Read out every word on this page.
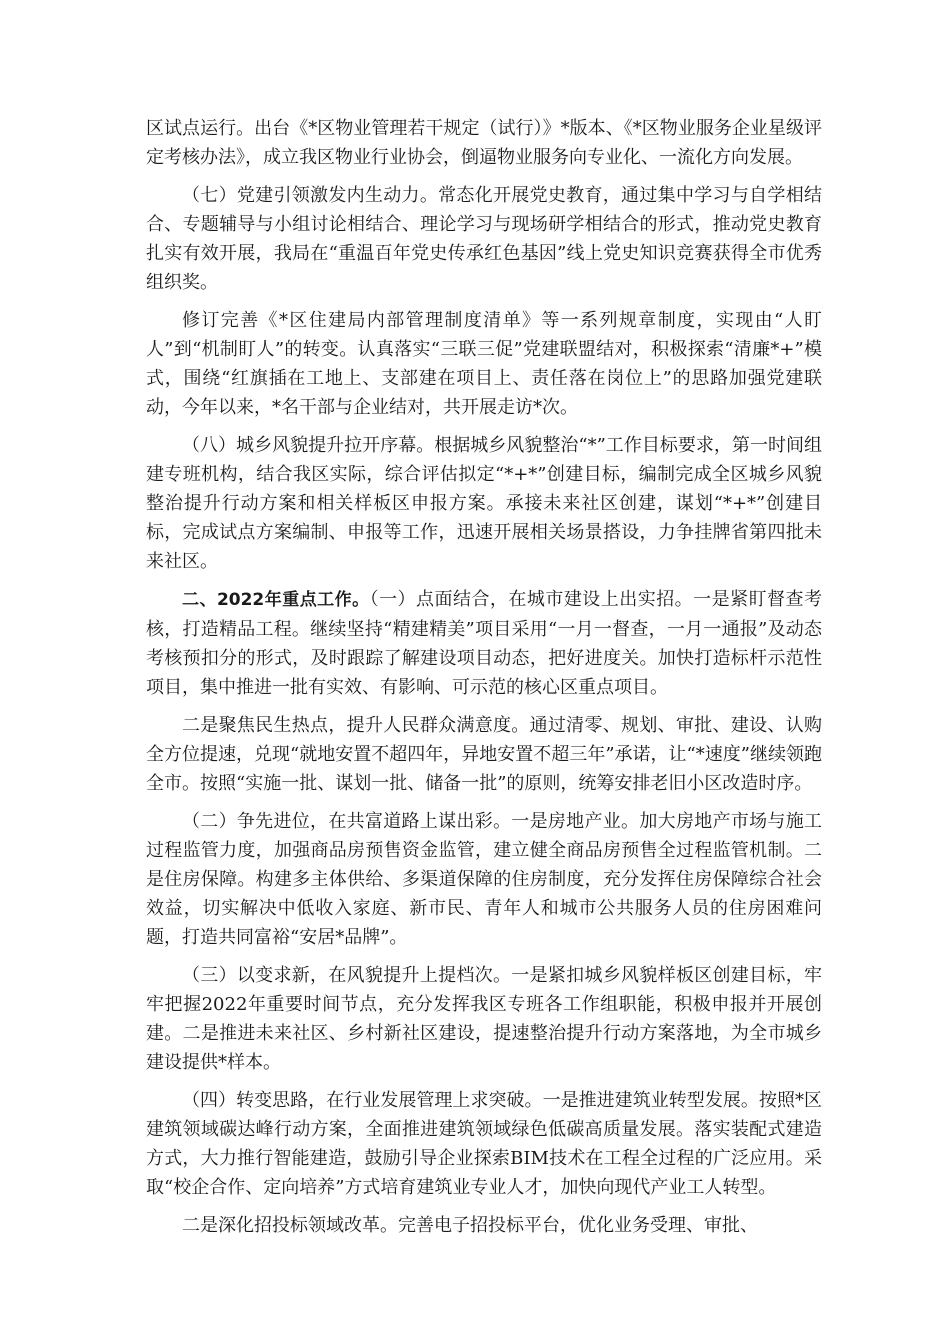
区试点运行。出台《*区物业管理若干规定（试行）》*版本、《*区物业服务企业星级评定考核办法》，成立我区物业行业协会，倒逼物业服务向专业化、一流化方向发展。

（七）党建引领激发内生动力。常态化开展党史教育，通过集中学习与自学相结合、专题辅导与小组讨论相结合、理论学习与现场研学相结合的形式，推动党史教育扎实有效开展，我局在“重温百年党史传承红色基因”线上党史知识竞赛获得全市优秀组织奖。

修订完善《*区住建局内部管理制度清单》等一系列规章制度，实现由“人盯人”到“机制盯人”的转变。认真落实“三联三促”党建联盟结对，积极探索“清廉*+”模式，围绕“红旗插在工地上、支部建在项目上、责任落在岗位上”的思路加强党建联动，今年以来，*名干部与企业结对，共开展走访*次。

（八）城乡风貌提升拉开序幕。根据城乡风貌整治“*”工作目标要求，第一时间组建专班机构，结合我区实际，综合评估拟定“*+*”创建目标，编制完成全区城乡风貌整治提升行动方案和相关样板区申报方案。承接未来社区创建，谋划“*+*”创建目标，完成试点方案编制、申报等工作，迅速开展相关场景搭设，力争挂牌省第四批未来社区。

二、2022年重点工作。（一）点面结合，在城市建设上出实招。一是紧盯督查考核，打造精品工程。继续坚持“精建精美”项目采用“一月一督查，一月一通报”及动态考核预扣分的形式，及时跟踪了解建设项目动态，把好进度关。加快打造标杆示范性项目，集中推进一批有实效、有影响、可示范的核心区重点项目。

二是聚焦民生热点，提升人民群众满意度。通过清零、规划、审批、建设、认购全方位提速，兑现“就地安置不超四年，异地安置不超三年”承诺，让“*速度”继续领跑全市。按照“实施一批、谋划一批、储备一批”的原则，统筹安排老旧小区改造时序。

（二）争先进位，在共富道路上谋出彩。一是房地产业。加大房地产市场与施工过程监管力度，加强商品房预售资金监管，建立健全商品房预售全过程监管机制。二是住房保障。构建多主体供给、多渠道保障的住房制度，充分发挥住房保障综合社会效益，切实解决中低收入家庭、新市民、青年人和城市公共服务人员的住房困难问题，打造共同富裕“安居*品牌”。

（三）以变求新，在风貌提升上提档次。一是紧扣城乡风貌样板区创建目标，牢牢把握2022年重要时间节点，充分发挥我区专班各工作组职能，积极申报并开展创建。二是推进未来社区、乡村新社区建设，提速整治提升行动方案落地，为全市城乡建设提供*样本。

（四）转变思路，在行业发展管理上求突破。一是推进建筑业转型发展。按照*区建筑领域碳达峰行动方案，全面推进建筑领域绿色低碳高质量发展。落实装配式建造方式，大力推行智能建造，鼓励引导企业探索BIM技术在工程全过程的广泛应用。采取“校企合作、定向培养”方式培育建筑业专业人才，加快向现代产业工人转型。

二是深化招投标领域改革。完善电子招投标平台，优化业务受理、审批、
